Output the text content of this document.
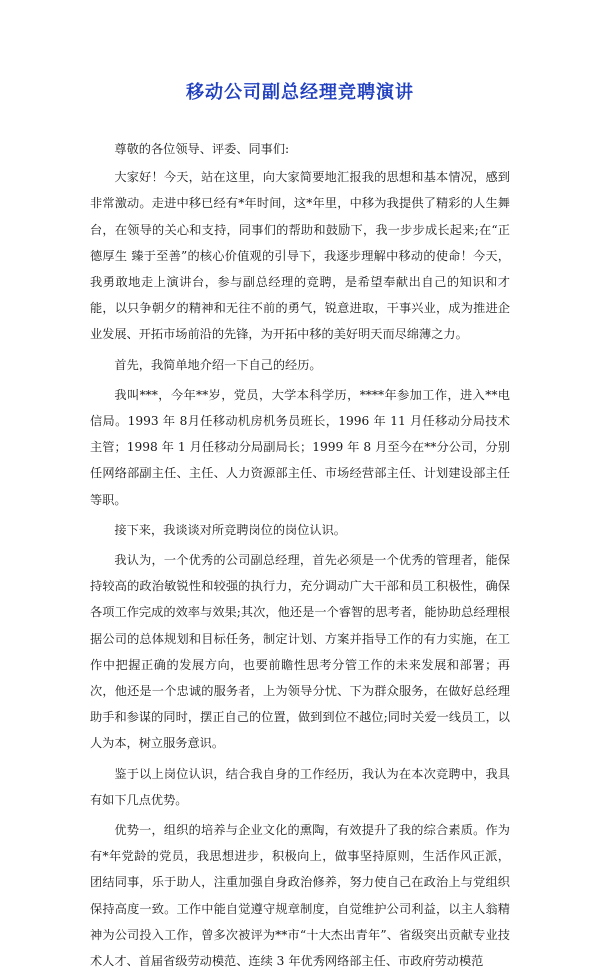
移动公司副总经理竞聘演讲

尊敬的各位领导、评委、同事们:

大家好！今天，站在这里，向大家简要地汇报我的思想和基本情况，感到非常激动。走进中移已经有*年时间，这*年里，中移为我提供了精彩的人生舞台，在领导的关心和支持，同事们的帮助和鼓励下，我一步步成长起来;在“正德厚生 臻于至善”的核心价值观的引导下，我逐步理解中移动的使命！今天，我勇敢地走上演讲台，参与副总经理的竞聘，是希望奉献出自己的知识和才能，以只争朝夕的精神和无往不前的勇气，锐意进取，干事兴业，成为推进企业发展、开拓市场前沿的先锋，为开拓中移的美好明天而尽绵薄之力。

首先，我简单地介绍一下自己的经历。

我叫***，今年**岁，党员，大学本科学历，****年参加工作，进入**电信局。1993 年 8月任移动机房机务员班长，1996 年 11 月任移动分局技术主管；1998 年 1 月任移动分局副局长；1999 年 8 月至今在**分公司，分别任网络部副主任、主任、人力资源部主任、市场经营部主任、计划建设部主任等职。

接下来，我谈谈对所竞聘岗位的岗位认识。

我认为，一个优秀的公司副总经理，首先必须是一个优秀的管理者，能保持较高的政治敏锐性和较强的执行力，充分调动广大干部和员工积极性，确保各项工作完成的效率与效果;其次，他还是一个睿智的思考者，能协助总经理根据公司的总体规划和目标任务，制定计划、方案并指导工作的有力实施，在工作中把握正确的发展方向，也要前瞻性思考分管工作的未来发展和部署；再次，他还是一个忠诚的服务者，上为领导分忧、下为群众服务，在做好总经理助手和参谋的同时，摆正自己的位置，做到到位不越位;同时关爱一线员工，以人为本，树立服务意识。

鉴于以上岗位认识，结合我自身的工作经历，我认为在本次竞聘中，我具有如下几点优势。

优势一，组织的培养与企业文化的熏陶，有效提升了我的综合素质。作为有*年党龄的党员，我思想进步，积极向上，做事坚持原则，生活作风正派，团结同事，乐于助人，注重加强自身政治修养，努力使自己在政治上与党组织保持高度一致。工作中能自觉遵守规章制度，自觉维护公司利益，以主人翁精神为公司投入工作，曾多次被评为**市“十大杰出青年”、省级突出贡献专业技术人才、首届省级劳动模范、连续 3 年优秀网络部主任、市政府劳动模范
